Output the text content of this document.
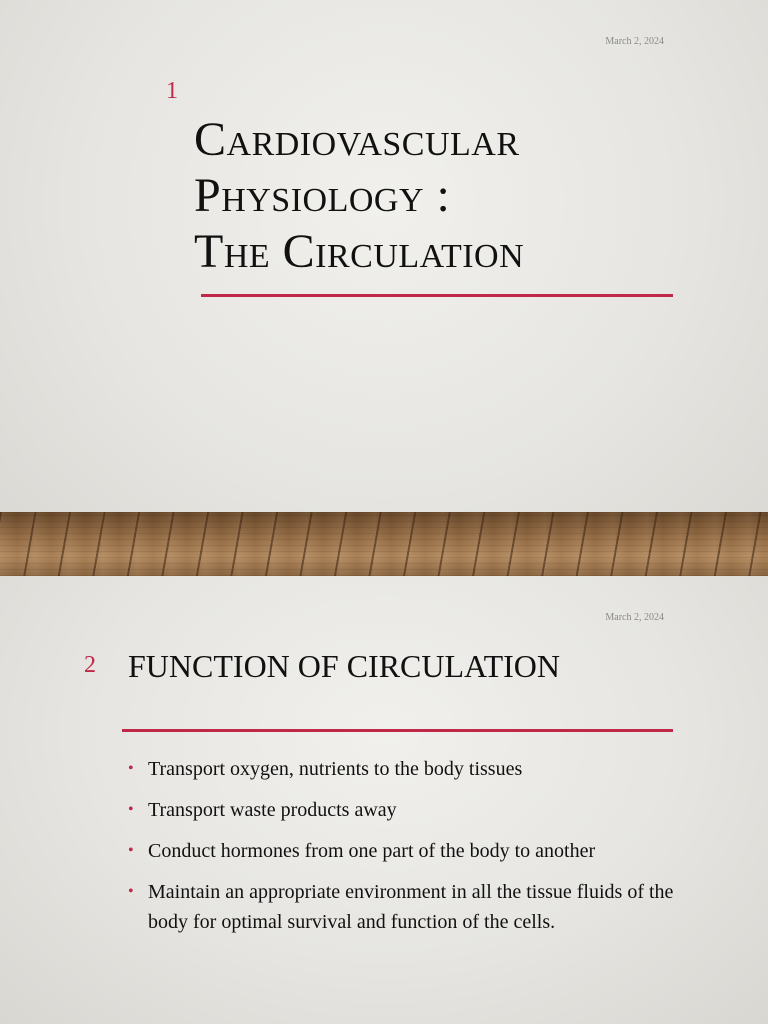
March 2, 2024
1
Cardiovascular
Physiology :
The Circulation
March 2, 2024
2 FUNCTION OF CIRCULATION
• Transport oxygen, nutrients to the body tissues
• Transport waste products away
• Conduct hormones from one part of the body to another
• Maintain an appropriate environment in all the tissue fluids of the body for optimal survival and function of the cells.
